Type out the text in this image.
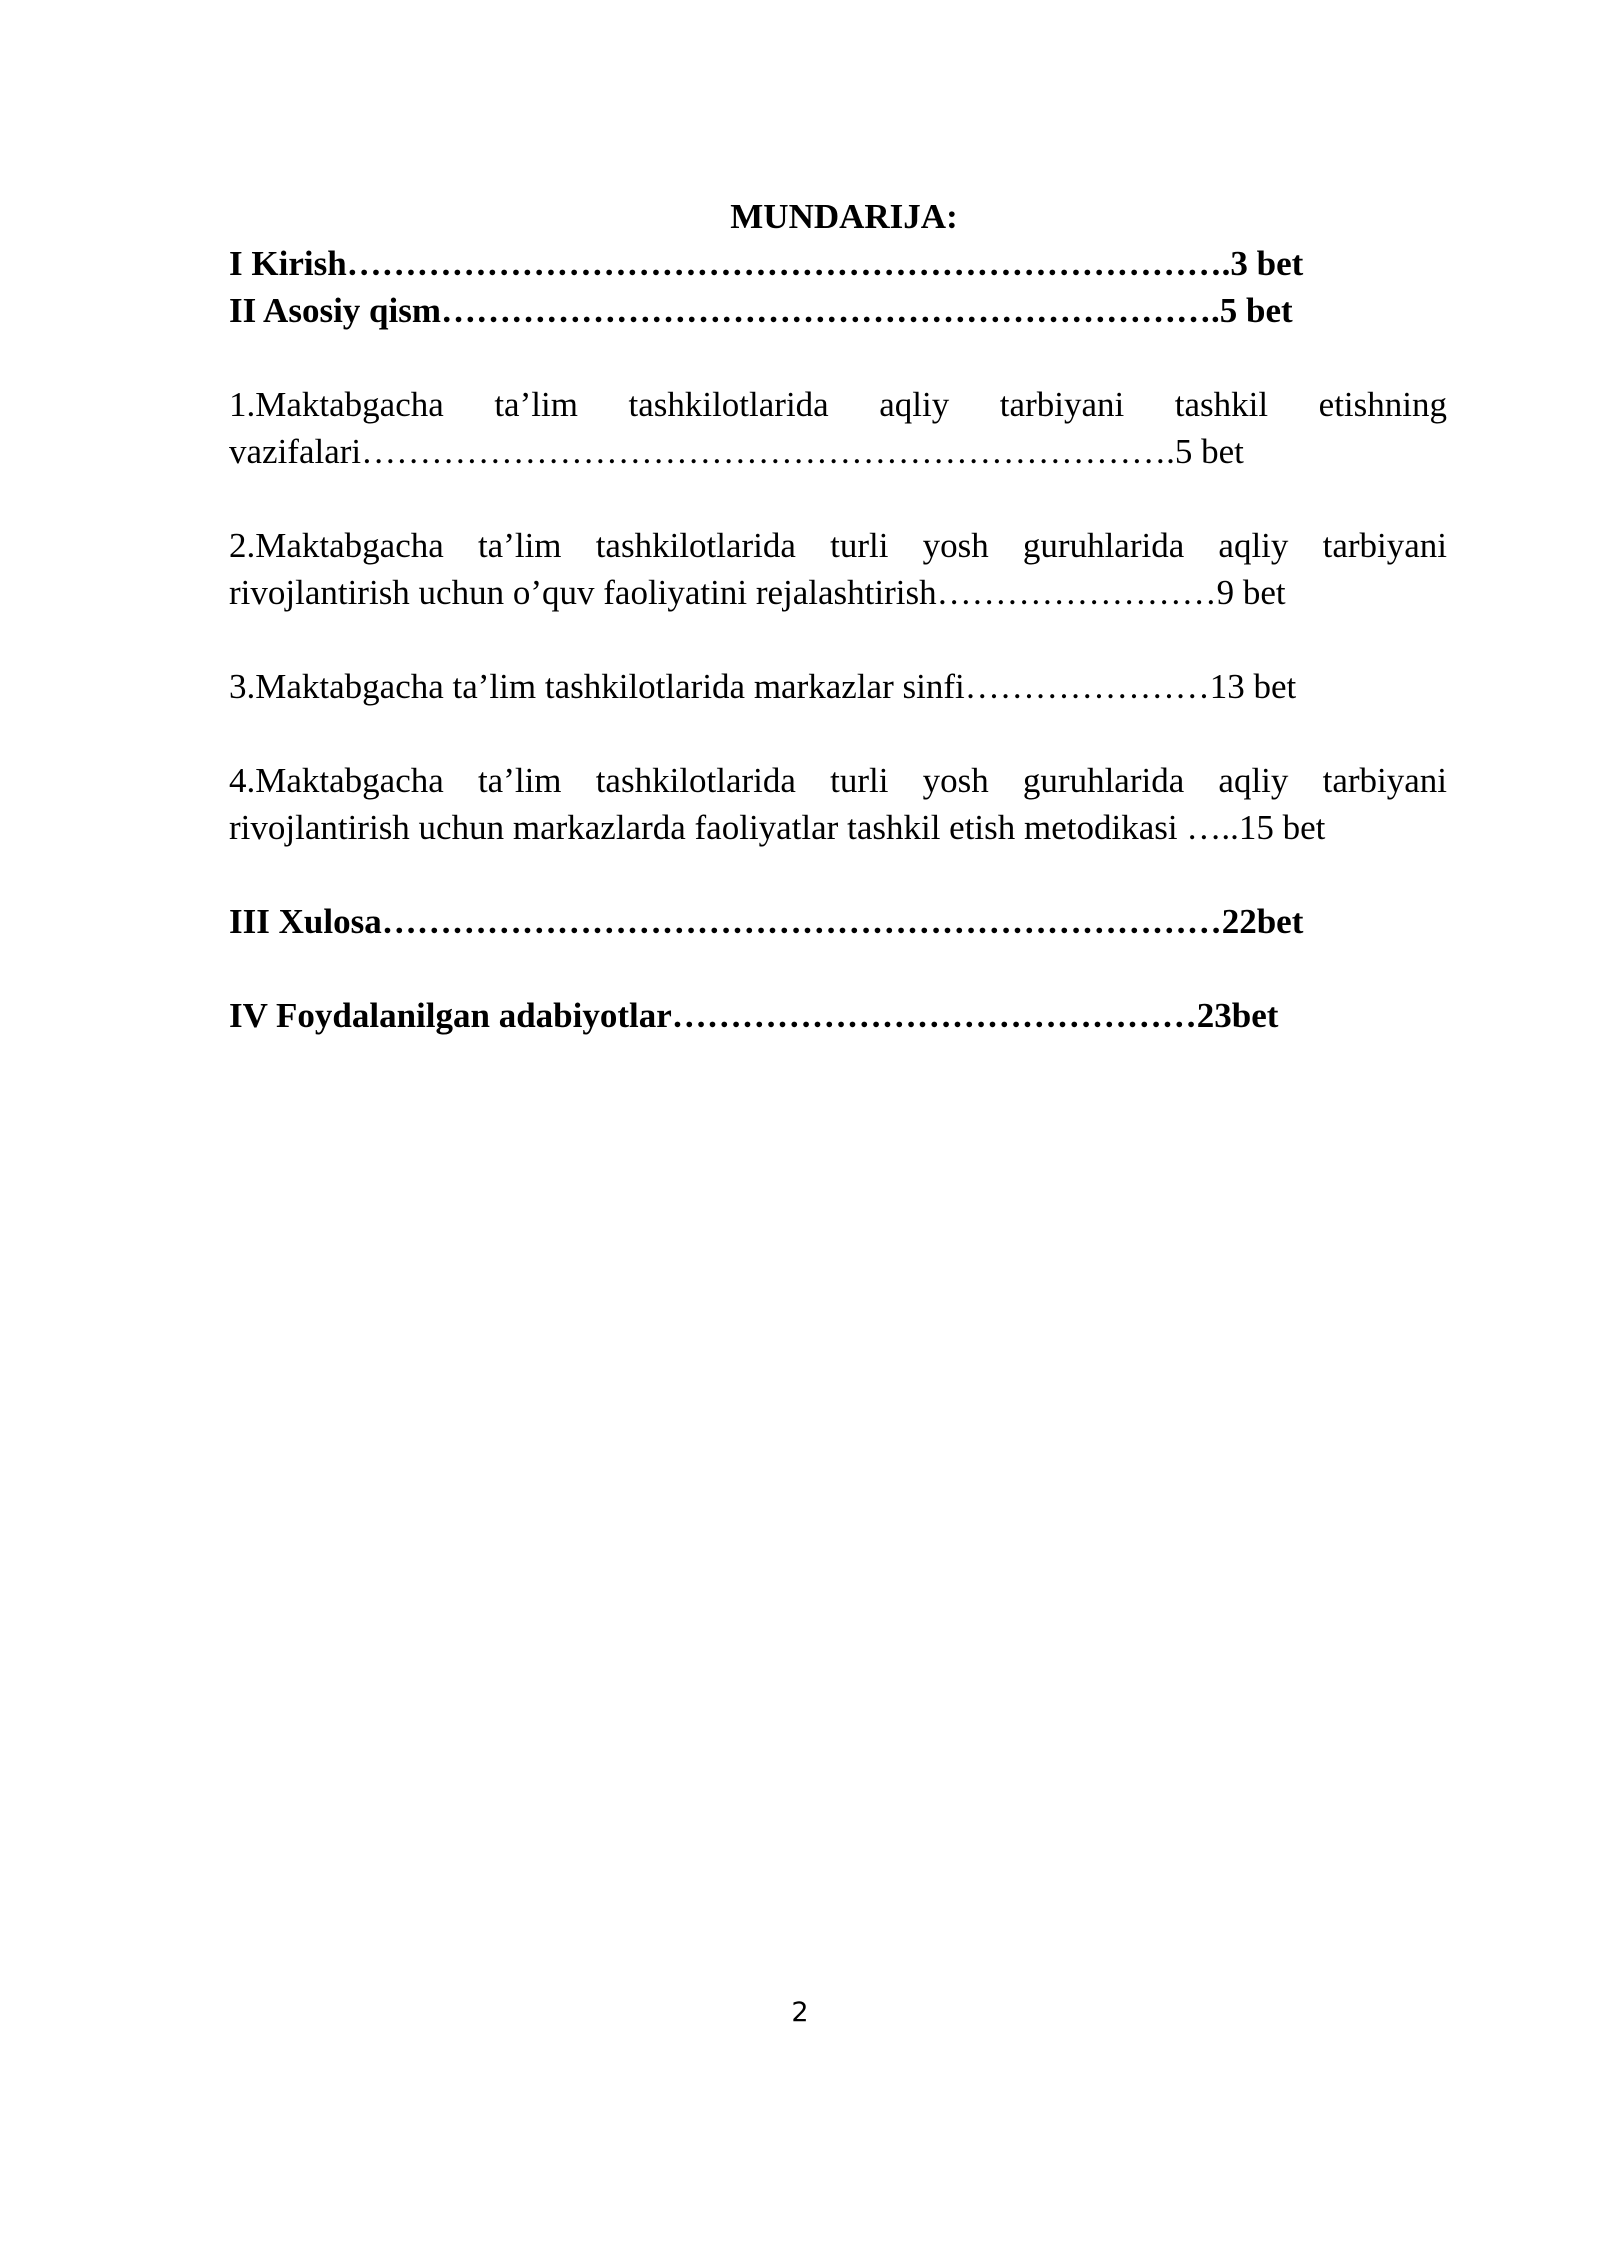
MUNDARIJA:

I Kirish………………………………………………………………….3 bet

II Asosiy qism………………………………………………………….5 bet

1.Maktabgacha ta’lim tashkilotlarida aqliy tarbiyani tashkil etishning
vazifalari…………………………………………………………….5 bet

2.Maktabgacha ta’lim tashkilotlarida turli yosh guruhlarida aqliy tarbiyani
rivojlantirish uchun o’quv faoliyatini rejalashtirish……………………9 bet

3.Maktabgacha ta’lim tashkilotlarida markazlar sinfi…………………13 bet

4.Maktabgacha ta’lim tashkilotlarida turli yosh guruhlarida aqliy tarbiyani
rivojlantirish uchun markazlarda faoliyatlar tashkil etish metodikasi …..15 bet

III Xulosa………………………………………………………………22bet

IV Foydalanilgan adabiyotlar………………………………………23bet

2
